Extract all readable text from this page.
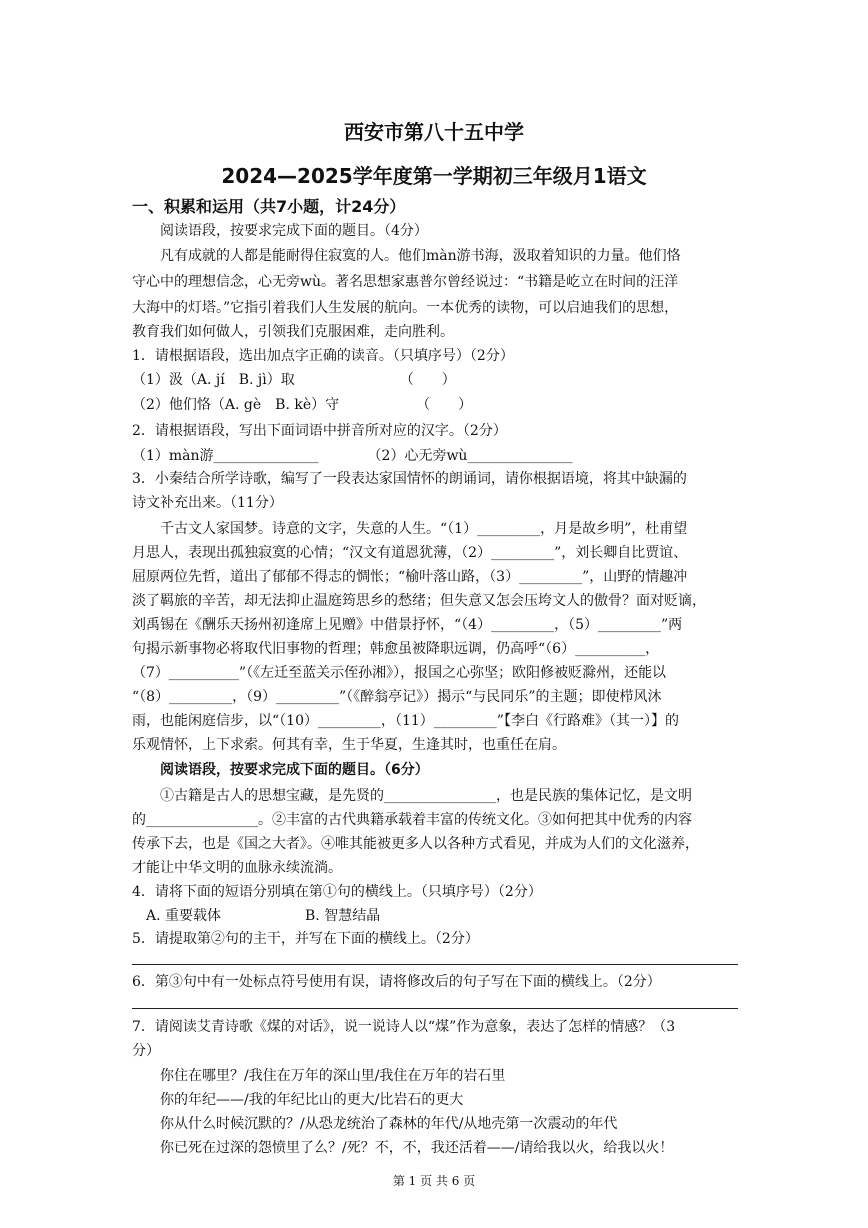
西安市第八十五中学
2024—2025学年度第一学期初三年级月1语文
一、积累和运用（共7小题，计24分）
阅读语段，按要求完成下面的题目。（4分）
凡有成就的人都是能耐得住寂寞的人。他们màn游书海，汲取着知识的力量。他们恪
守心中的理想信念，心无旁wù。著名思想家惠普尔曾经说过：“书籍是屹立在时间的汪洋
大海中的灯塔。”它指引着我们人生发展的航向。一本优秀的读物，可以启迪我们的思想，
教育我们如何做人，引领我们克服困难，走向胜利。
1．请根据语段，选出加点字正确的读音。（只填序号）（2分）
（1）汲（A. jí　B. jì）取　　　　　　　　（　　）
（2）他们恪（A. gè　B. kè）守　　　　　　（　　）
2．请根据语段，写出下面词语中拼音所对应的汉字。（2分）
（1）màn游_______________　　　　（2）心无旁wù_______________
3．小秦结合所学诗歌，编写了一段表达家国情怀的朗诵词，请你根据语境，将其中缺漏的
诗文补充出来。（11分）
千古文人家国梦。诗意的文字，失意的人生。“（1）_________，月是故乡明”，杜甫望
月思人，表现出孤独寂寞的心情；“汉文有道恩犹薄，（2）_________”，刘长卿自比贾谊、
屈原两位先哲，道出了郁郁不得志的惆怅；“榆叶落山路，（3）_________”，山野的情趣冲
淡了羁旅的辛苦，却无法抑止温庭筠思乡的愁绪；但失意又怎会压垮文人的傲骨？面对贬谪，
刘禹锡在《酬乐天扬州初逢席上见赠》中借景抒怀，“（4）_________，（5）_________”两
句揭示新事物必将取代旧事物的哲理；韩愈虽被降职远调，仍高呼“（6）__________，
（7）__________”（《左迁至蓝关示侄孙湘》），报国之心弥坚；欧阳修被贬滁州，还能以
“（8）_________，（9）_________”（《醉翁亭记》）揭示“与民同乐”的主题；即使栉风沐
雨，也能闲庭信步，以“（10）_________，（11）_________”【李白《行路难》（其一）】的
乐观情怀，上下求索。何其有幸，生于华夏，生逢其时，也重任在肩。
阅读语段，按要求完成下面的题目。（6分）
①古籍是古人的思想宝藏，是先贤的________________，也是民族的集体记忆，是文明
的________________。②丰富的古代典籍承载着丰富的传统文化。③如何把其中优秀的内容
传承下去，也是《国之大者》。④唯其能被更多人以各种方式看见，并成为人们的文化滋养，
才能让中华文明的血脉永续流淌。
4．请将下面的短语分别填在第①句的横线上。（只填序号）（2分）
A. 重要载体　　　　　　B. 智慧结晶
5．请提取第②句的主干，并写在下面的横线上。（2分）
6．第③句中有一处标点符号使用有误，请将修改后的句子写在下面的横线上。（2分）
7．请阅读艾青诗歌《煤的对话》，说一说诗人以“煤”作为意象，表达了怎样的情感？（3
分）
你住在哪里？/我住在万年的深山里/我住在万年的岩石里
你的年纪——/我的年纪比山的更大/比岩石的更大
你从什么时候沉默的？/从恐龙统治了森林的年代/从地壳第一次震动的年代
你已死在过深的怨愤里了么？/死？不，不，我还活着——/请给我以火，给我以火！
第 1 页 共 6 页
